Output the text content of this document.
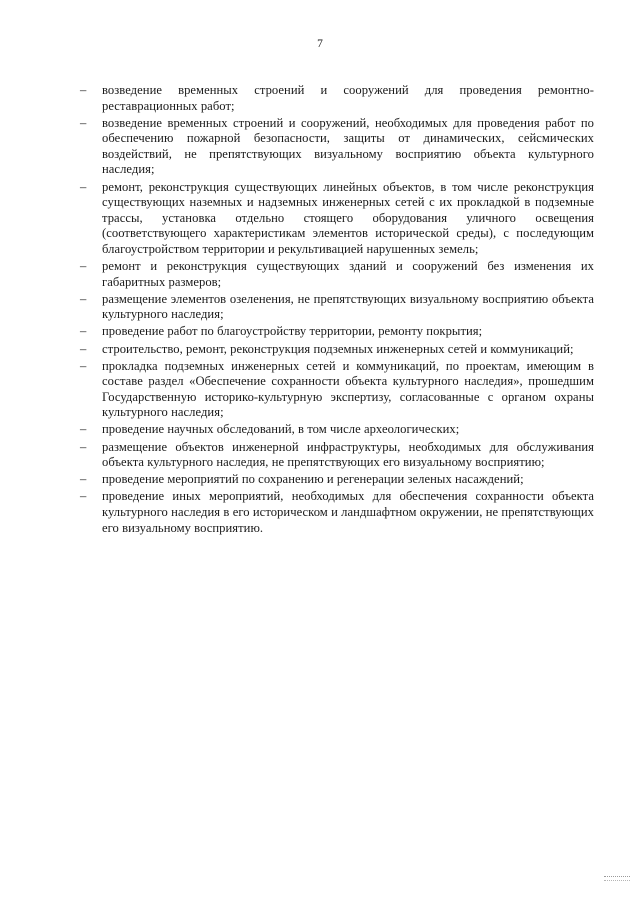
7
–	возведение временных строений и сооружений для проведения ремонтно-реставрационных работ;
–	возведение временных строений и сооружений, необходимых для проведения работ по обеспечению пожарной безопасности, защиты от динамических, сейсмических воздействий, не препятствующих визуальному восприятию объекта культурного наследия;
–	ремонт, реконструкция существующих линейных объектов, в том числе реконструкция существующих наземных и надземных инженерных сетей с их прокладкой в подземные трассы, установка отдельно стоящего оборудования уличного освещения (соответствующего характеристикам элементов исторической среды), с последующим благоустройством территории и рекультивацией нарушенных земель;
–	ремонт и реконструкция существующих зданий и сооружений без изменения их габаритных размеров;
–	размещение элементов озеленения, не препятствующих визуальному восприятию объекта культурного наследия;
–	проведение работ по благоустройству территории, ремонту покрытия;
–	строительство, ремонт, реконструкция подземных инженерных сетей и коммуникаций;
–	прокладка подземных инженерных сетей и коммуникаций, по проектам, имеющим в составе раздел «Обеспечение сохранности объекта культурного наследия», прошедшим Государственную историко-культурную экспертизу, согласованные с органом охраны культурного наследия;
–	проведение научных обследований, в том числе археологических;
–	размещение объектов инженерной инфраструктуры, необходимых для обслуживания объекта культурного наследия, не препятствующих его визуальному восприятию;
–	проведение мероприятий по сохранению и регенерации зеленых насаждений;
–	проведение иных мероприятий, необходимых для обеспечения сохранности объекта культурного наследия в его историческом и ландшафтном окружении, не препятствующих его визуальному восприятию.
